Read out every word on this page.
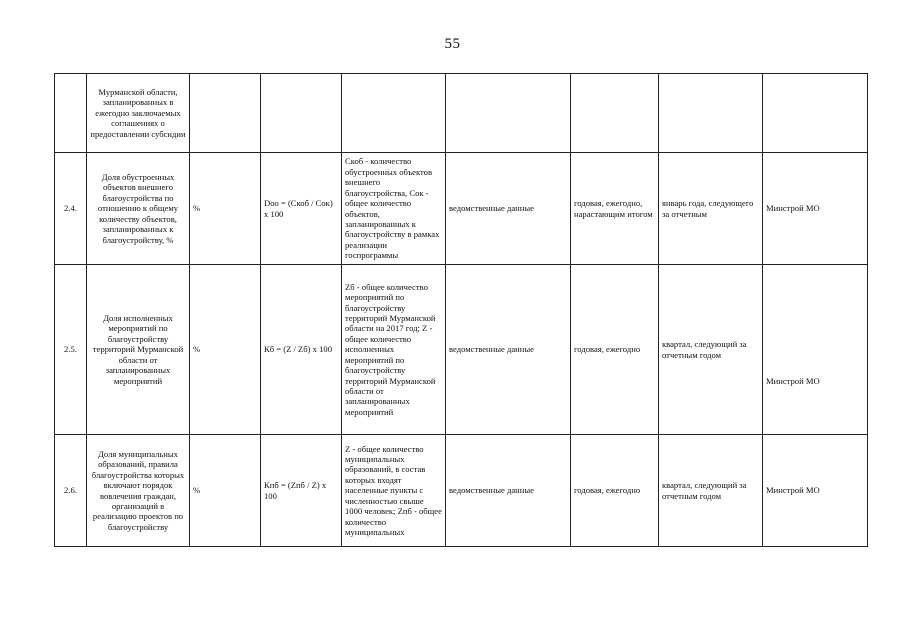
55
	Мурманской области, запланированных в ежегодно заключаемых соглашениях о предоставлении субсидии							
2.4.	Доля обустроенных объектов внешнего благоустройства по отношению к общему количеству объектов, запланированных к благоустройству, %	%	Doo = (Скоб / Сок) x 100	Скоб - количество обустроенных объектов внешнего благоустройства, Сок - общее количество объектов, запланированных к благоустройству в рамках реализации госпрограммы	ведомственные данные	годовая, ежегодно, нарастающим итогом	январь года, следующего за отчетным	Минстрой МО
2.5.	Доля исполненных мероприятий по благоустройству территорий Мурманской области от запланированных мероприятий	%	Кб = (Z / Zб) x 100	Zб - общее количество мероприятий по благоустройству территорий Мурманской области на 2017 год; Z - общее количество исполненных мероприятий по благоустройству территорий Мурманской области от запланированных мероприятий	ведомственные данные	годовая, ежегодно	квартал, следующий за отчетным годом	Минстрой МО
2.6.	Доля муниципальных образований, правила благоустройства которых включают порядок вовлечения граждан, организаций в реализацию проектов по благоустройству	%	Кпб = (Zпб / Z) x 100	Z - общее количество муниципальных образований, в состав которых входят населенные пункты с численностью свыше 1000 человек; Zпб - общее количество муниципальных	ведомственные данные	годовая, ежегодно	квартал, следующий за отчетным годом	Минстрой МО
